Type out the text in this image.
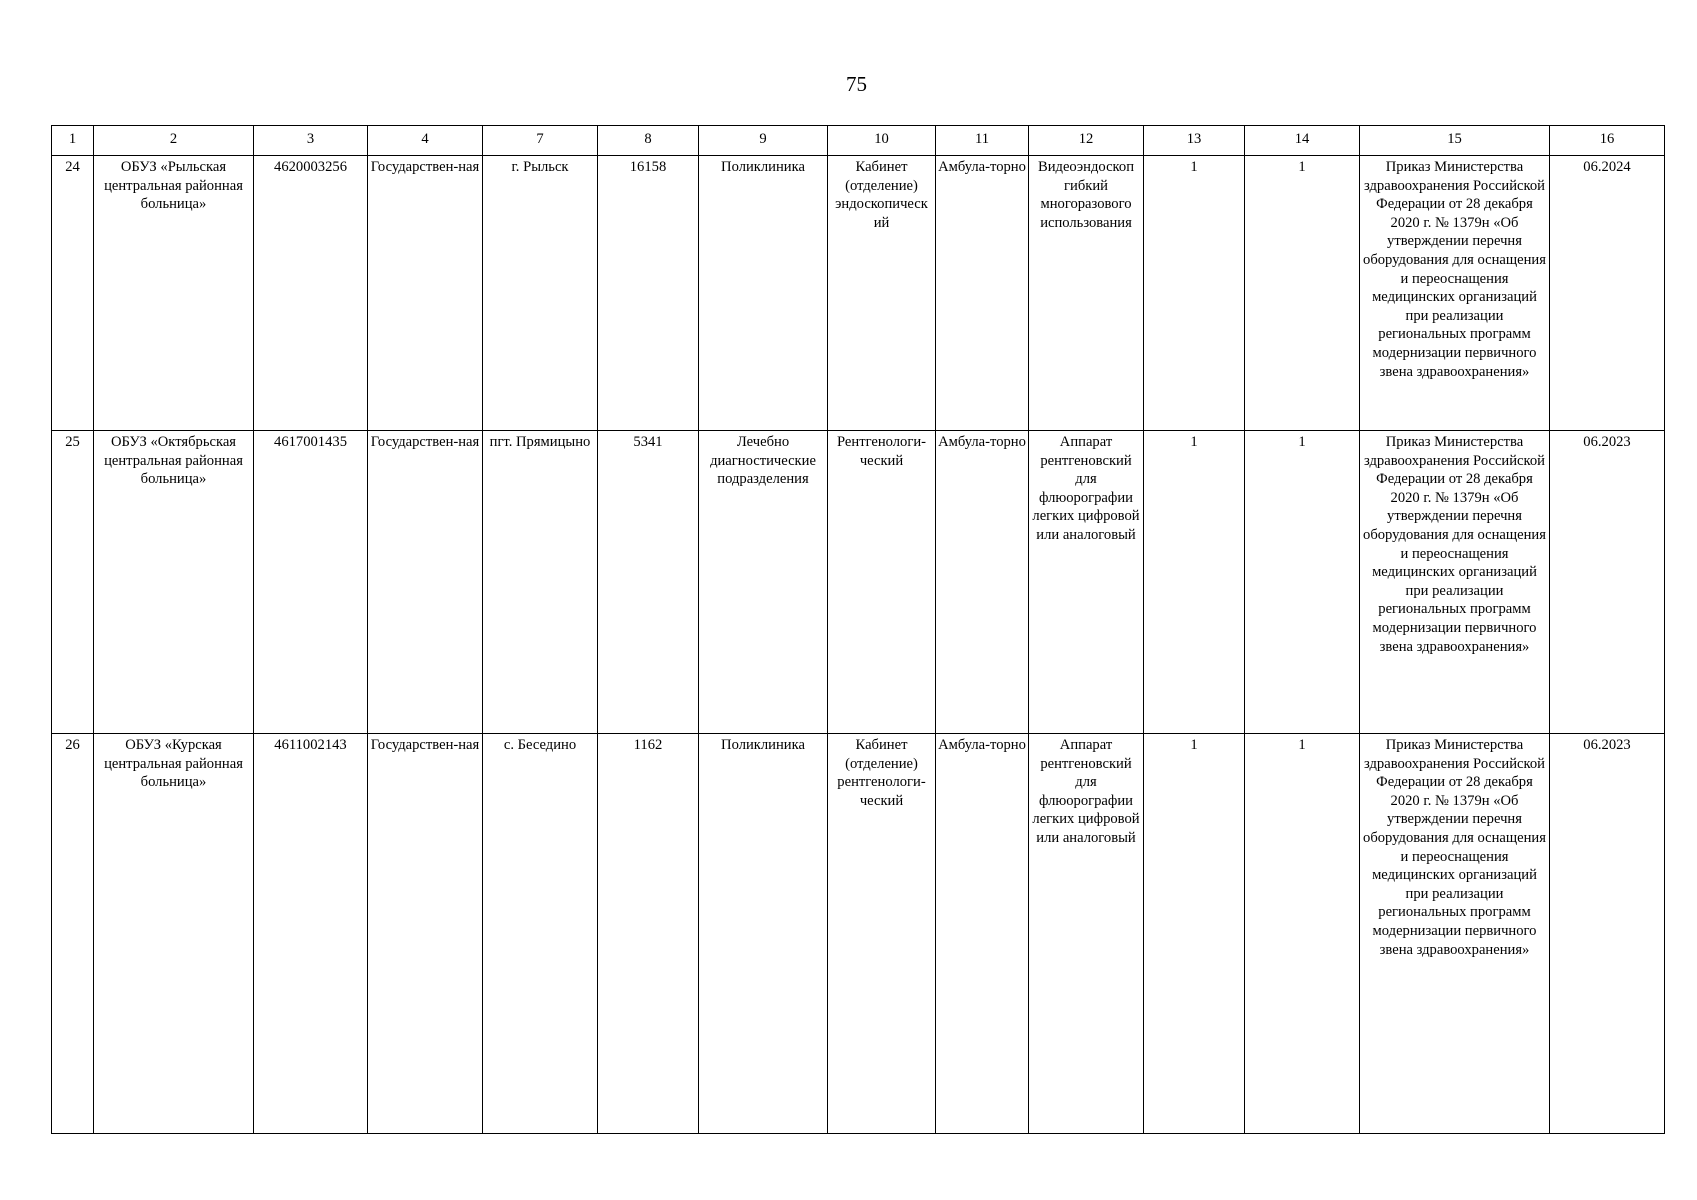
75
1	2	3	4	7	8	9	10	11	12	13	14	15	16
24	ОБУЗ «Рыльская центральная районная больница»	4620003256	Государствен-ная	г. Рыльск	16158	Поликлиника	Кабинет (отделение) эндоскопическ ий	Амбула-торно	Видеоэндоскоп гибкий многоразового использования	1	1	Приказ Министерства здравоохранения Российской Федерации от 28 декабря 2020 г. № 1379н «Об утверждении перечня оборудования для оснащения и переоснащения медицинских организаций при реализации региональных программ модернизации первичного звена здравоохранения»	06.2024
25	ОБУЗ «Октябрьская центральная районная больница»	4617001435	Государствен-ная	пгт. Прямицыно	5341	Лечебно диагностические подразделения	Рентгенологи-ческий	Амбула-торно	Аппарат рентгеновский для флюорографии легких цифровой или аналоговый	1	1	Приказ Министерства здравоохранения Российской Федерации от 28 декабря 2020 г. № 1379н «Об утверждении перечня оборудования для оснащения и переоснащения медицинских организаций при реализации региональных программ модернизации первичного звена здравоохранения»	06.2023
26	ОБУЗ «Курская центральная районная больница»	4611002143	Государствен-ная	с. Беседино	1162	Поликлиника	Кабинет (отделение) рентгенологи-ческий	Амбула-торно	Аппарат рентгеновский для флюорографии легких цифровой или аналоговый	1	1	Приказ Министерства здравоохранения Российской Федерации от 28 декабря 2020 г. № 1379н «Об утверждении перечня оборудования для оснащения и переоснащения медицинских организаций при реализации региональных программ модернизации первичного звена здравоохранения»	06.2023
